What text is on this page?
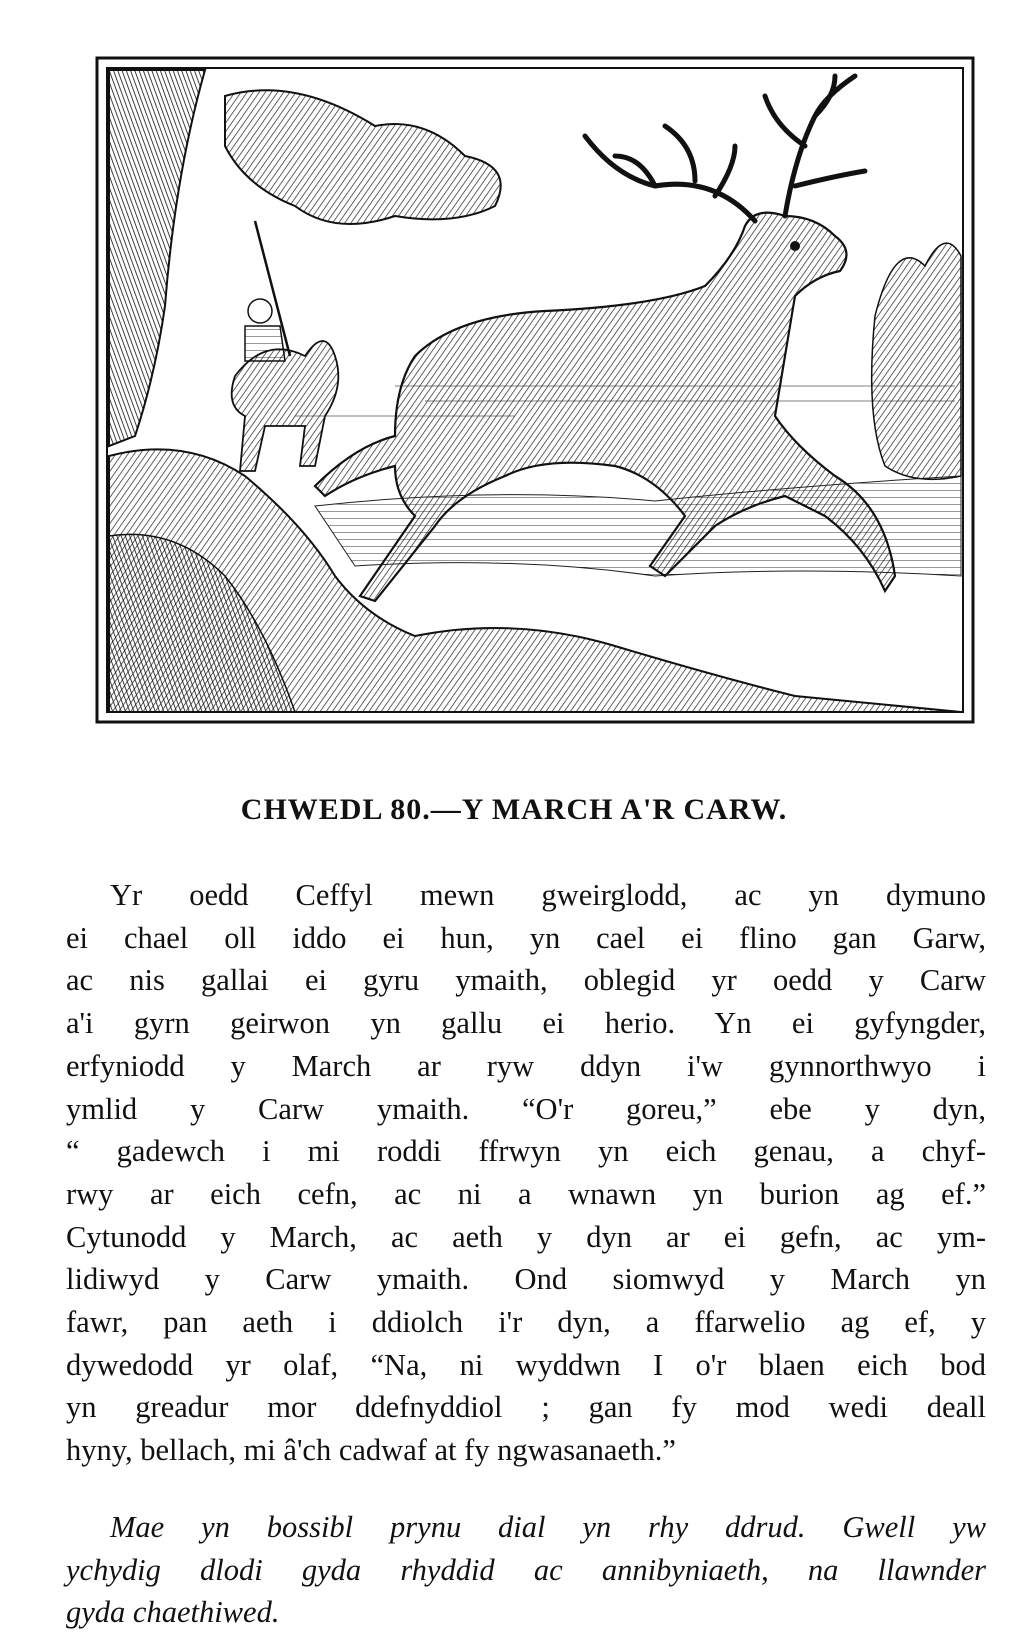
CHWEDL 80.—Y MARCH A'R CARW.
Yr oedd Ceffyl mewn gweirglodd, ac yn dymuno
ei chael oll iddo ei hun, yn cael ei flino gan Garw,
ac nis gallai ei gyru ymaith, oblegid yr oedd y Carw
a'i gyrn geirwon yn gallu ei herio. Yn ei gyfyngder,
erfyniodd y March ar ryw ddyn i'w gynnorthwyo i
ymlid y Carw ymaith. “O'r goreu,” ebe y dyn,
“ gadewch i mi roddi ffrwyn yn eich genau, a chyf-
rwy ar eich cefn, ac ni a wnawn yn burion ag ef.”
Cytunodd y March, ac aeth y dyn ar ei gefn, ac ym-
lidiwyd y Carw ymaith. Ond siomwyd y March yn
fawr, pan aeth i ddiolch i'r dyn, a ffarwelio ag ef, y
dywedodd yr olaf, “Na, ni wyddwn I o'r blaen eich bod
yn greadur mor ddefnyddiol ; gan fy mod wedi deall
hyny, bellach, mi â'ch cadwaf at fy ngwasanaeth.”
Mae yn bossibl prynu dial yn rhy ddrud. Gwell yw
ychydig dlodi gyda rhyddid ac annibyniaeth, na llawnder
gyda chaethiwed.
